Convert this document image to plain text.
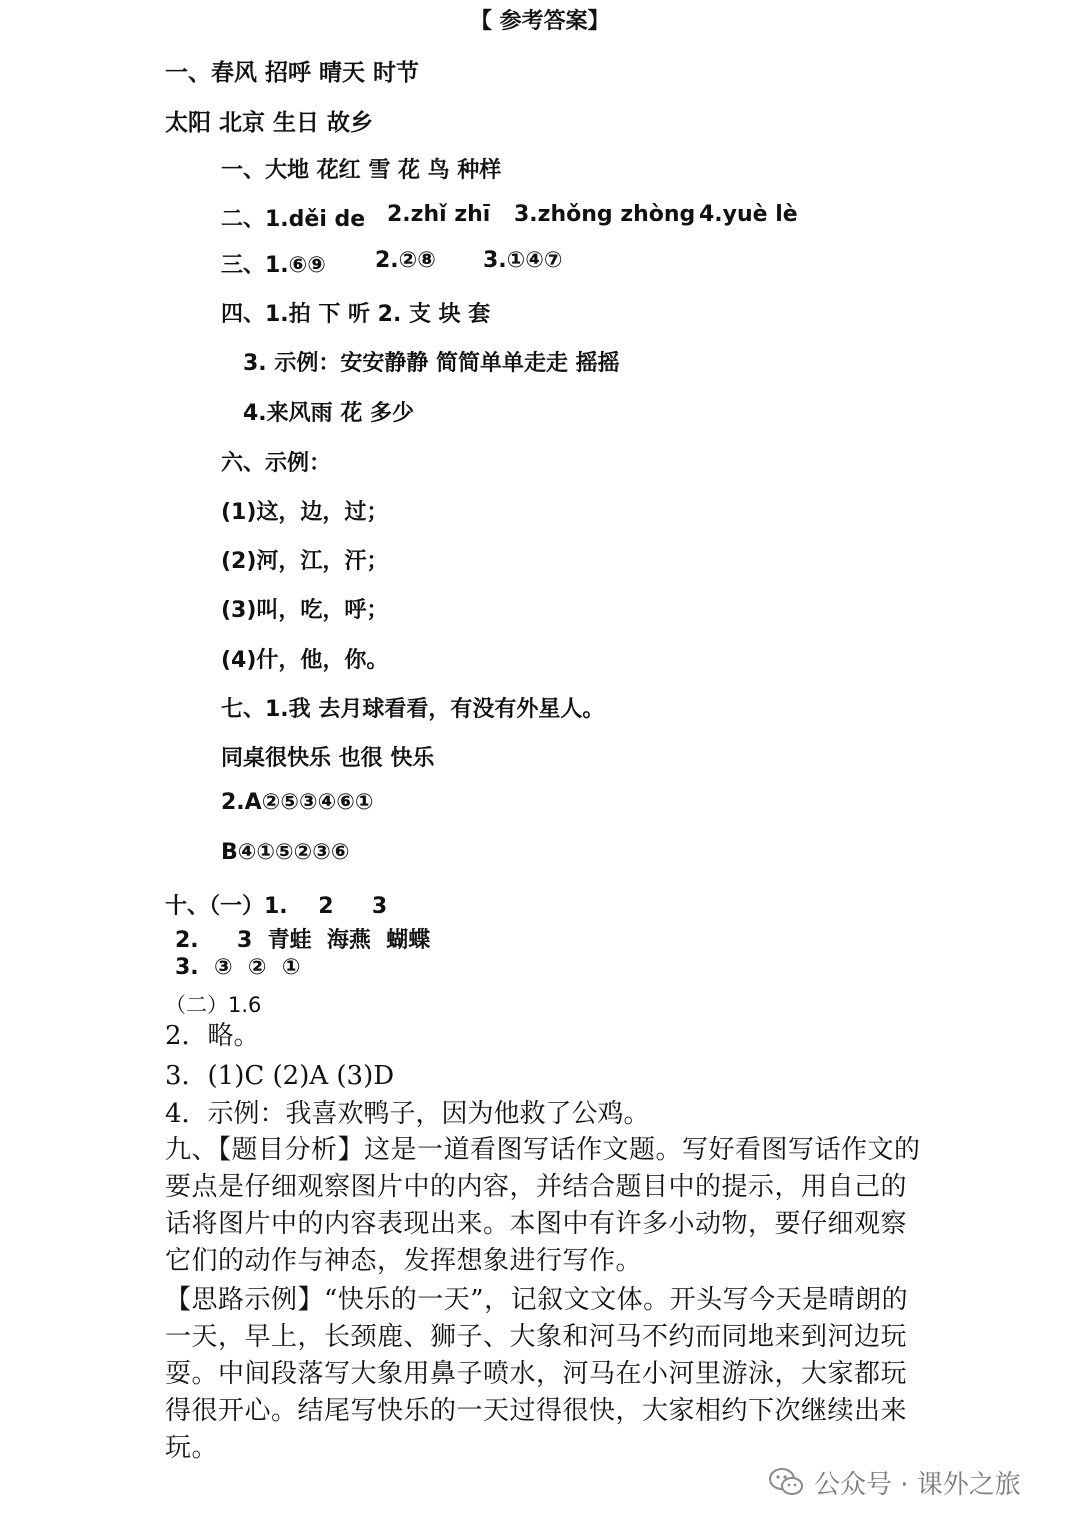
【 参考答案】
一、春风 招呼 晴天 时节
太阳 北京 生日 故乡
一、大地 花红 雪 花 鸟 种样
二、1.děi de 2.zhǐ zhī 3.zhǒng zhòng 4.yuè lè
三、1.⑥⑨ 2.②⑧ 3.①④⑦
四、1.拍 下 听 2. 支 块 套
3. 示例：安安静静 简简单单走走 摇摇
4.来风雨 花 多少
六、示例：
(1)这，边，过；
(2)河，江，汗；
(3)叫，吃，呼；
(4)什，他，你。
七、1.我 去月球看看，有没有外星人。
同桌很快乐 也很 快乐
2.A②⑤③④⑥①
B④①⑤②③⑥
十、（一）1.    2     3
2.     3  青蛙  海燕  蝴蝶
3.  ③  ②  ①
（二）1.6
2．略。
3．(1)C (2)A (3)D
4．示例：我喜欢鸭子，因为他救了公鸡。

九、【题目分析】这是一道看图写话作文题。写好看图写话作文的要点是仔细观察图片中的内容，并结合题目中的提示，用自己的话将图片中的内容表现出来。本图中有许多小动物，要仔细观察它们的动作与神态，发挥想象进行写作。

【思路示例】“快乐的一天”，记叙文文体。开头写今天是晴朗的一天，早上，长颈鹿、狮子、大象和河马不约而同地来到河边玩耍。中间段落写大象用鼻子喷水，河马在小河里游泳，大家都玩得很开心。结尾写快乐的一天过得很快，大家相约下次继续出来玩。

公众号 · 课外之旅
